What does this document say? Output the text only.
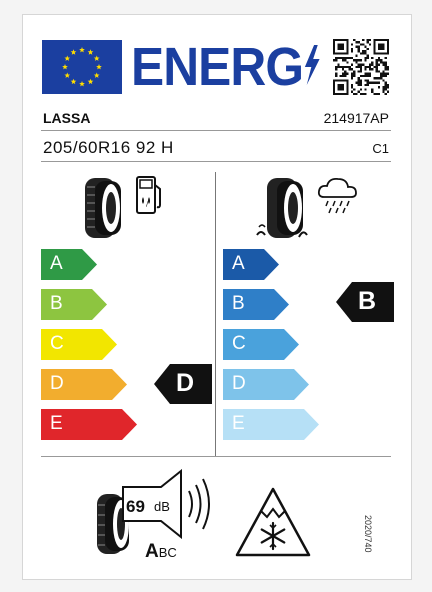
ENERG
LASSA	214917AP
205/60R16 92 H	C1
/
A
B
C
D
E
D
A
B
C
D
E
B
69 dB
ABC	2020/740
